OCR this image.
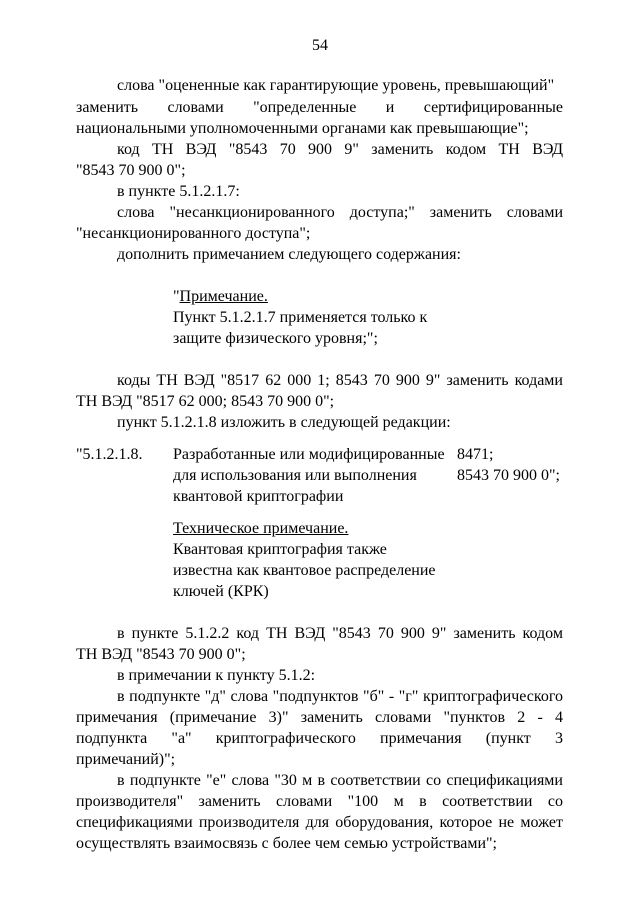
54
слова "оцененные как гарантирующие уровень, превышающий"
заменить словами "определенные и сертифицированные
национальными уполномоченными органами как превышающие";
код ТН ВЭД "8543 70 900 9" заменить кодом ТН ВЭД
"8543 70 900 0";
в пункте 5.1.2.1.7:
слова "несанкционированного доступа;" заменить словами
"несанкционированного доступа";
дополнить примечанием следующего содержания:
"Примечание.
Пункт 5.1.2.1.7 применяется только к
защите физического уровня;";
коды ТН ВЭД "8517 62 000 1; 8543 70 900 9" заменить кодами
ТН ВЭД "8517 62 000; 8543 70 900 0";
пункт 5.1.2.1.8 изложить в следующей редакции:
"5.1.2.1.8. Разработанные или модифицированные
для использования или выполнения
квантовой криптографии
8471;
8543 70 900 0";
Техническое примечание.
Квантовая криптография также
известна как квантовое распределение
ключей (КРК)
в пункте 5.1.2.2 код ТН ВЭД "8543 70 900 9" заменить кодом
ТН ВЭД "8543 70 900 0";
в примечании к пункту 5.1.2:
в подпункте "д" слова "подпунктов "б" - "г" криптографического
примечания (примечание 3)" заменить словами "пунктов 2 - 4
подпункта "а" криптографического примечания (пункт 3
примечаний)";
в подпункте "е" слова "30 м в соответствии со спецификациями
производителя" заменить словами "100 м в соответствии со
спецификациями производителя для оборудования, которое не может
осуществлять взаимосвязь с более чем семью устройствами";
